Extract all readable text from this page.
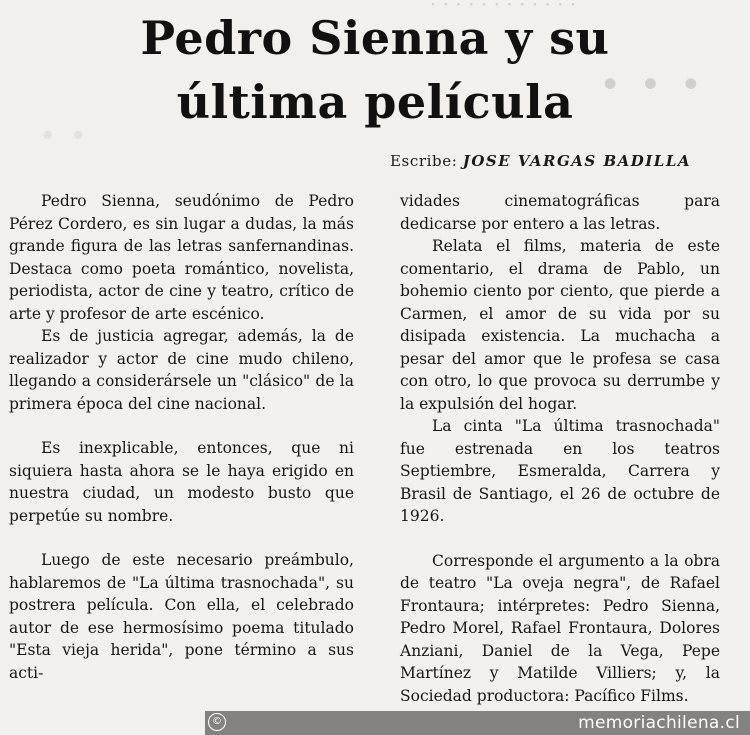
· · · · · · · · · · · ·
· · ·
· ·
Pedro Sienna y su
última película
Escribe: JOSE VARGAS BADILLA

Pedro Sienna, seudónimo de Pedro Pérez Cordero, es sin lugar a dudas, la más grande figura de las letras sanfernandinas. Destaca como poeta romántico, novelista, periodista, actor de cine y teatro, crítico de arte y profesor de arte escénico.

Es de justicia agregar, además, la de realizador y actor de cine mudo chileno, llegando a considerársele un "clásico" de la primera época del cine nacional.

Es inexplicable, entonces, que ni siquiera hasta ahora se le haya erigido en nuestra ciudad, un modesto busto que perpetúe su nombre.

Luego de este necesario preámbulo, hablaremos de "La última trasnochada", su postrera película. Con ella, el celebrado autor de ese hermosísimo poema titulado "Esta vieja herida", pone término a sus acti-

vidades cinematográficas para dedicarse por entero a las letras.

Relata el films, materia de este comentario, el drama de Pablo, un bohemio ciento por ciento, que pierde a Carmen, el amor de su vida por su disipada existencia. La muchacha a pesar del amor que le profesa se casa con otro, lo que provoca su derrumbe y la expulsión del hogar.

La cinta "La última trasnochada" fue estrenada en los teatros Septiembre, Esmeralda, Carrera y Brasil de Santiago, el 26 de octubre de 1926.

Corresponde el argumento a la obra de teatro "La oveja negra", de Rafael Frontaura; intérpretes: Pedro Sienna, Pedro Morel, Rafael Frontaura, Dolores Anziani, Daniel de la Vega, Pepe Martínez y Matilde Villiers; y, la Sociedad productora: Pacífico Films.

©	memoriachilena.cl
